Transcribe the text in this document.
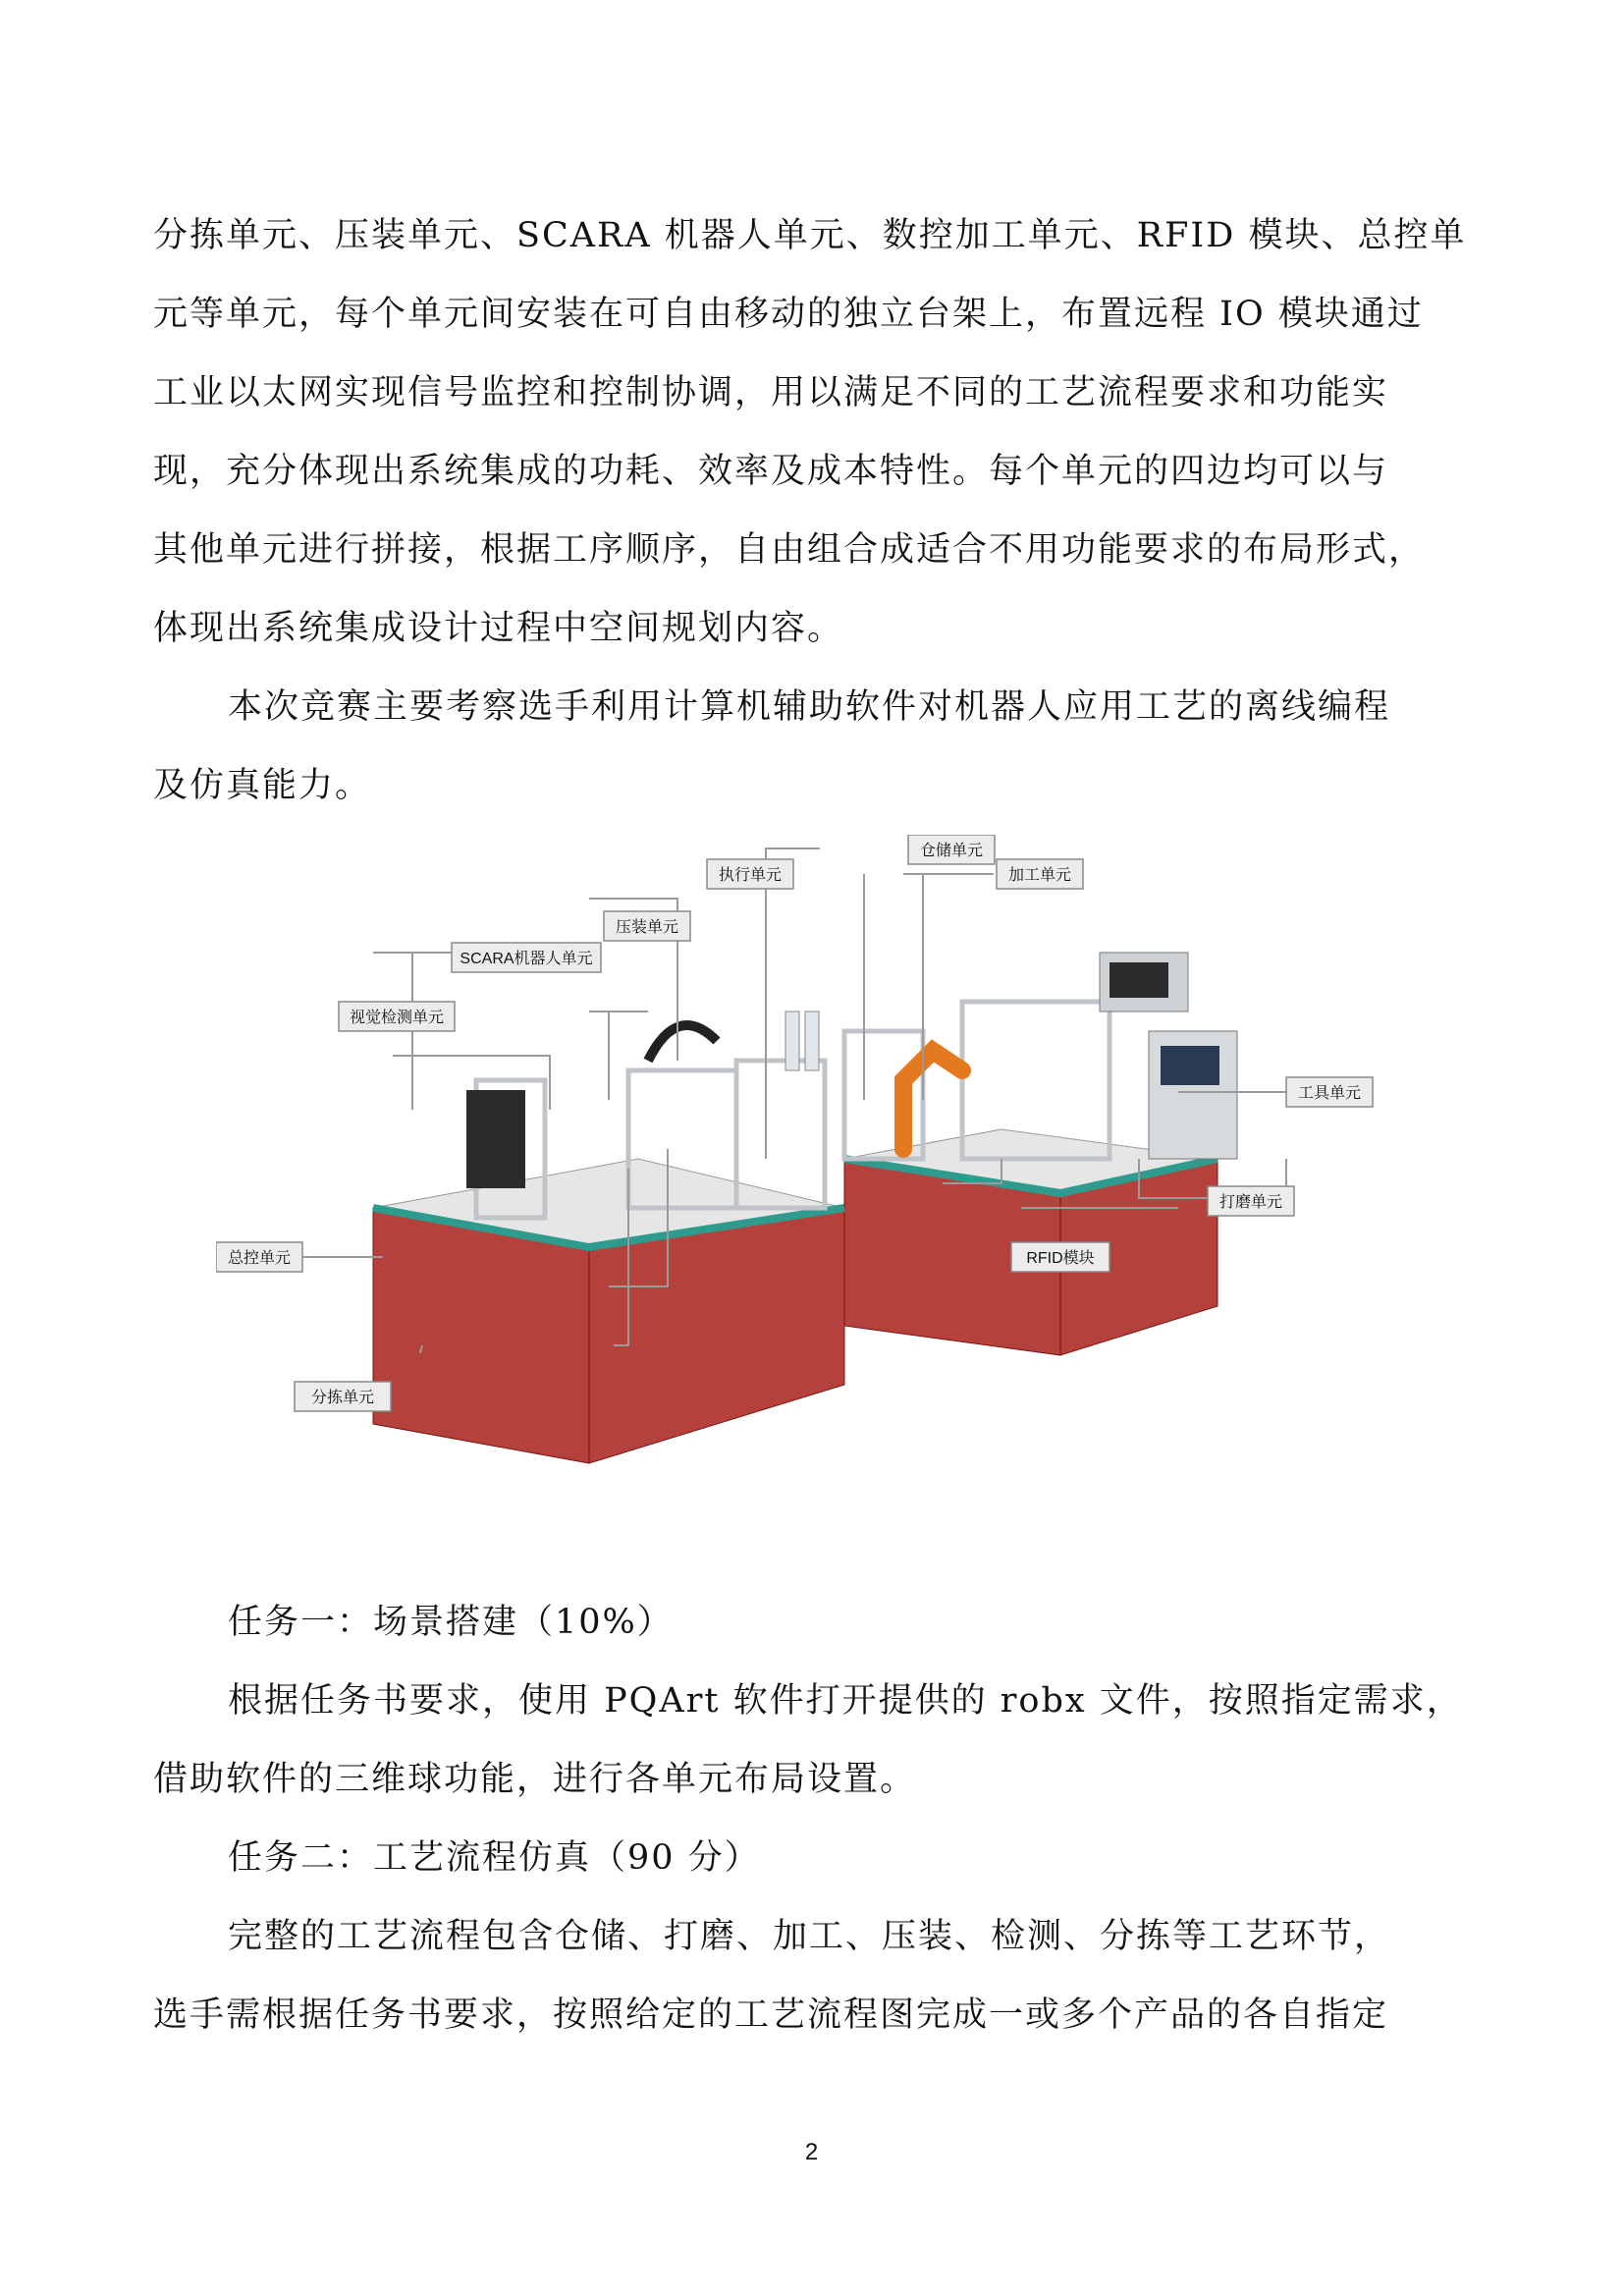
分拣单元、压装单元、SCARA 机器人单元、数控加工单元、RFID 模块、总控单
元等单元，每个单元间安装在可自由移动的独立台架上，布置远程 IO 模块通过
工业以太网实现信号监控和控制协调，用以满足不同的工艺流程要求和功能实
现，充分体现出系统集成的功耗、效率及成本特性。每个单元的四边均可以与
其他单元进行拼接，根据工序顺序，自由组合成适合不用功能要求的布局形式，
体现出系统集成设计过程中空间规划内容。
本次竞赛主要考察选手利用计算机辅助软件对机器人应用工艺的离线编程
及仿真能力。
仓储单元
执行单元	加工单元
压装单元
SCARA机器人单元
视觉检测单元
工具单元
打磨单元
总控单元	RFID模块
分拣单元
任务一：场景搭建（10%）
根据任务书要求，使用 PQArt 软件打开提供的 robx 文件，按照指定需求，
借助软件的三维球功能，进行各单元布局设置。
任务二：工艺流程仿真（90 分）
完整的工艺流程包含仓储、打磨、加工、压装、检测、分拣等工艺环节，
选手需根据任务书要求，按照给定的工艺流程图完成一或多个产品的各自指定
2
